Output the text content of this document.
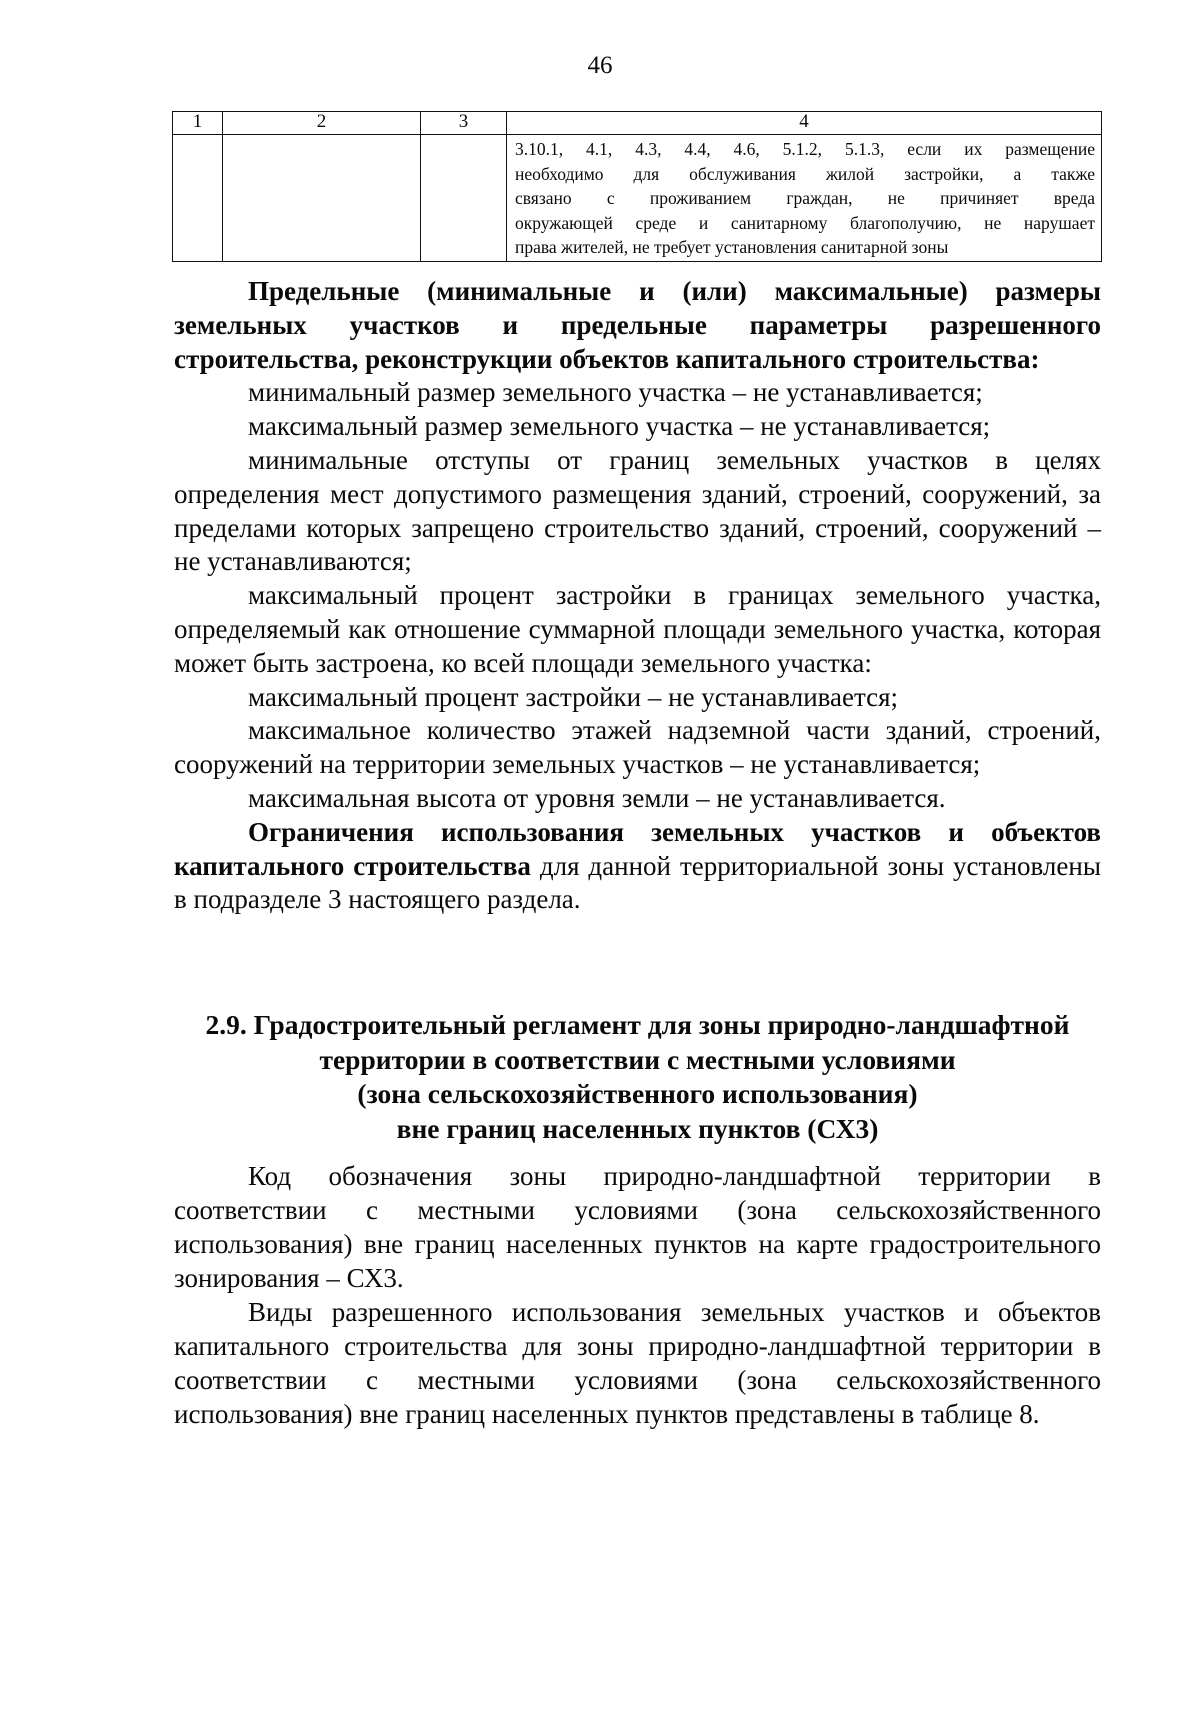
46
1	2	3	4

			3.10.1, 4.1, 4.3, 4.4, 4.6, 5.1.2, 5.1.3, если их размещение
необходимо для обслуживания жилой застройки, а также
связано с проживанием граждан, не причиняет вреда
окружающей среде и санитарному благополучию, не нарушает
права жителей, не требует установления санитарной зоны
Предельные (минимальные и (или) максимальные) размеры
земельных участков и предельные параметры разрешенного
строительства, реконструкции объектов капитального строительства:

минимальный размер земельного участка – не устанавливается;

максимальный размер земельного участка – не устанавливается;

минимальные отступы от границ земельных участков в целях определения мест допустимого размещения зданий, строений, сооружений, за пределами которых запрещено строительство зданий, строений, сооружений – не устанавливаются;

максимальный процент застройки в границах земельного участка, определяемый как отношение суммарной площади земельного участка, которая может быть застроена, ко всей площади земельного участка:

максимальный процент застройки – не устанавливается;

максимальное количество этажей надземной части зданий, строений, сооружений на территории земельных участков – не устанавливается;

максимальная высота от уровня земли – не устанавливается.

Ограничения использования земельных участков и объектов капитального строительства для данной территориальной зоны установлены в подразделе 3 настоящего раздела.

2.9. Градостроительный регламент для зоны природно-ландшафтной
территории в соответствии с местными условиями
(зона сельскохозяйственного использования)
вне границ населенных пунктов (СХ3)

Код обозначения зоны природно-ландшафтной территории в соответствии с местными условиями (зона сельскохозяйственного использования) вне границ населенных пунктов на карте градостроительного зонирования – СХ3.

Виды разрешенного использования земельных участков и объектов капитального строительства для зоны природно-ландшафтной территории в соответствии с местными условиями (зона сельскохозяйственного использования) вне границ населенных пунктов представлены в таблице 8.
